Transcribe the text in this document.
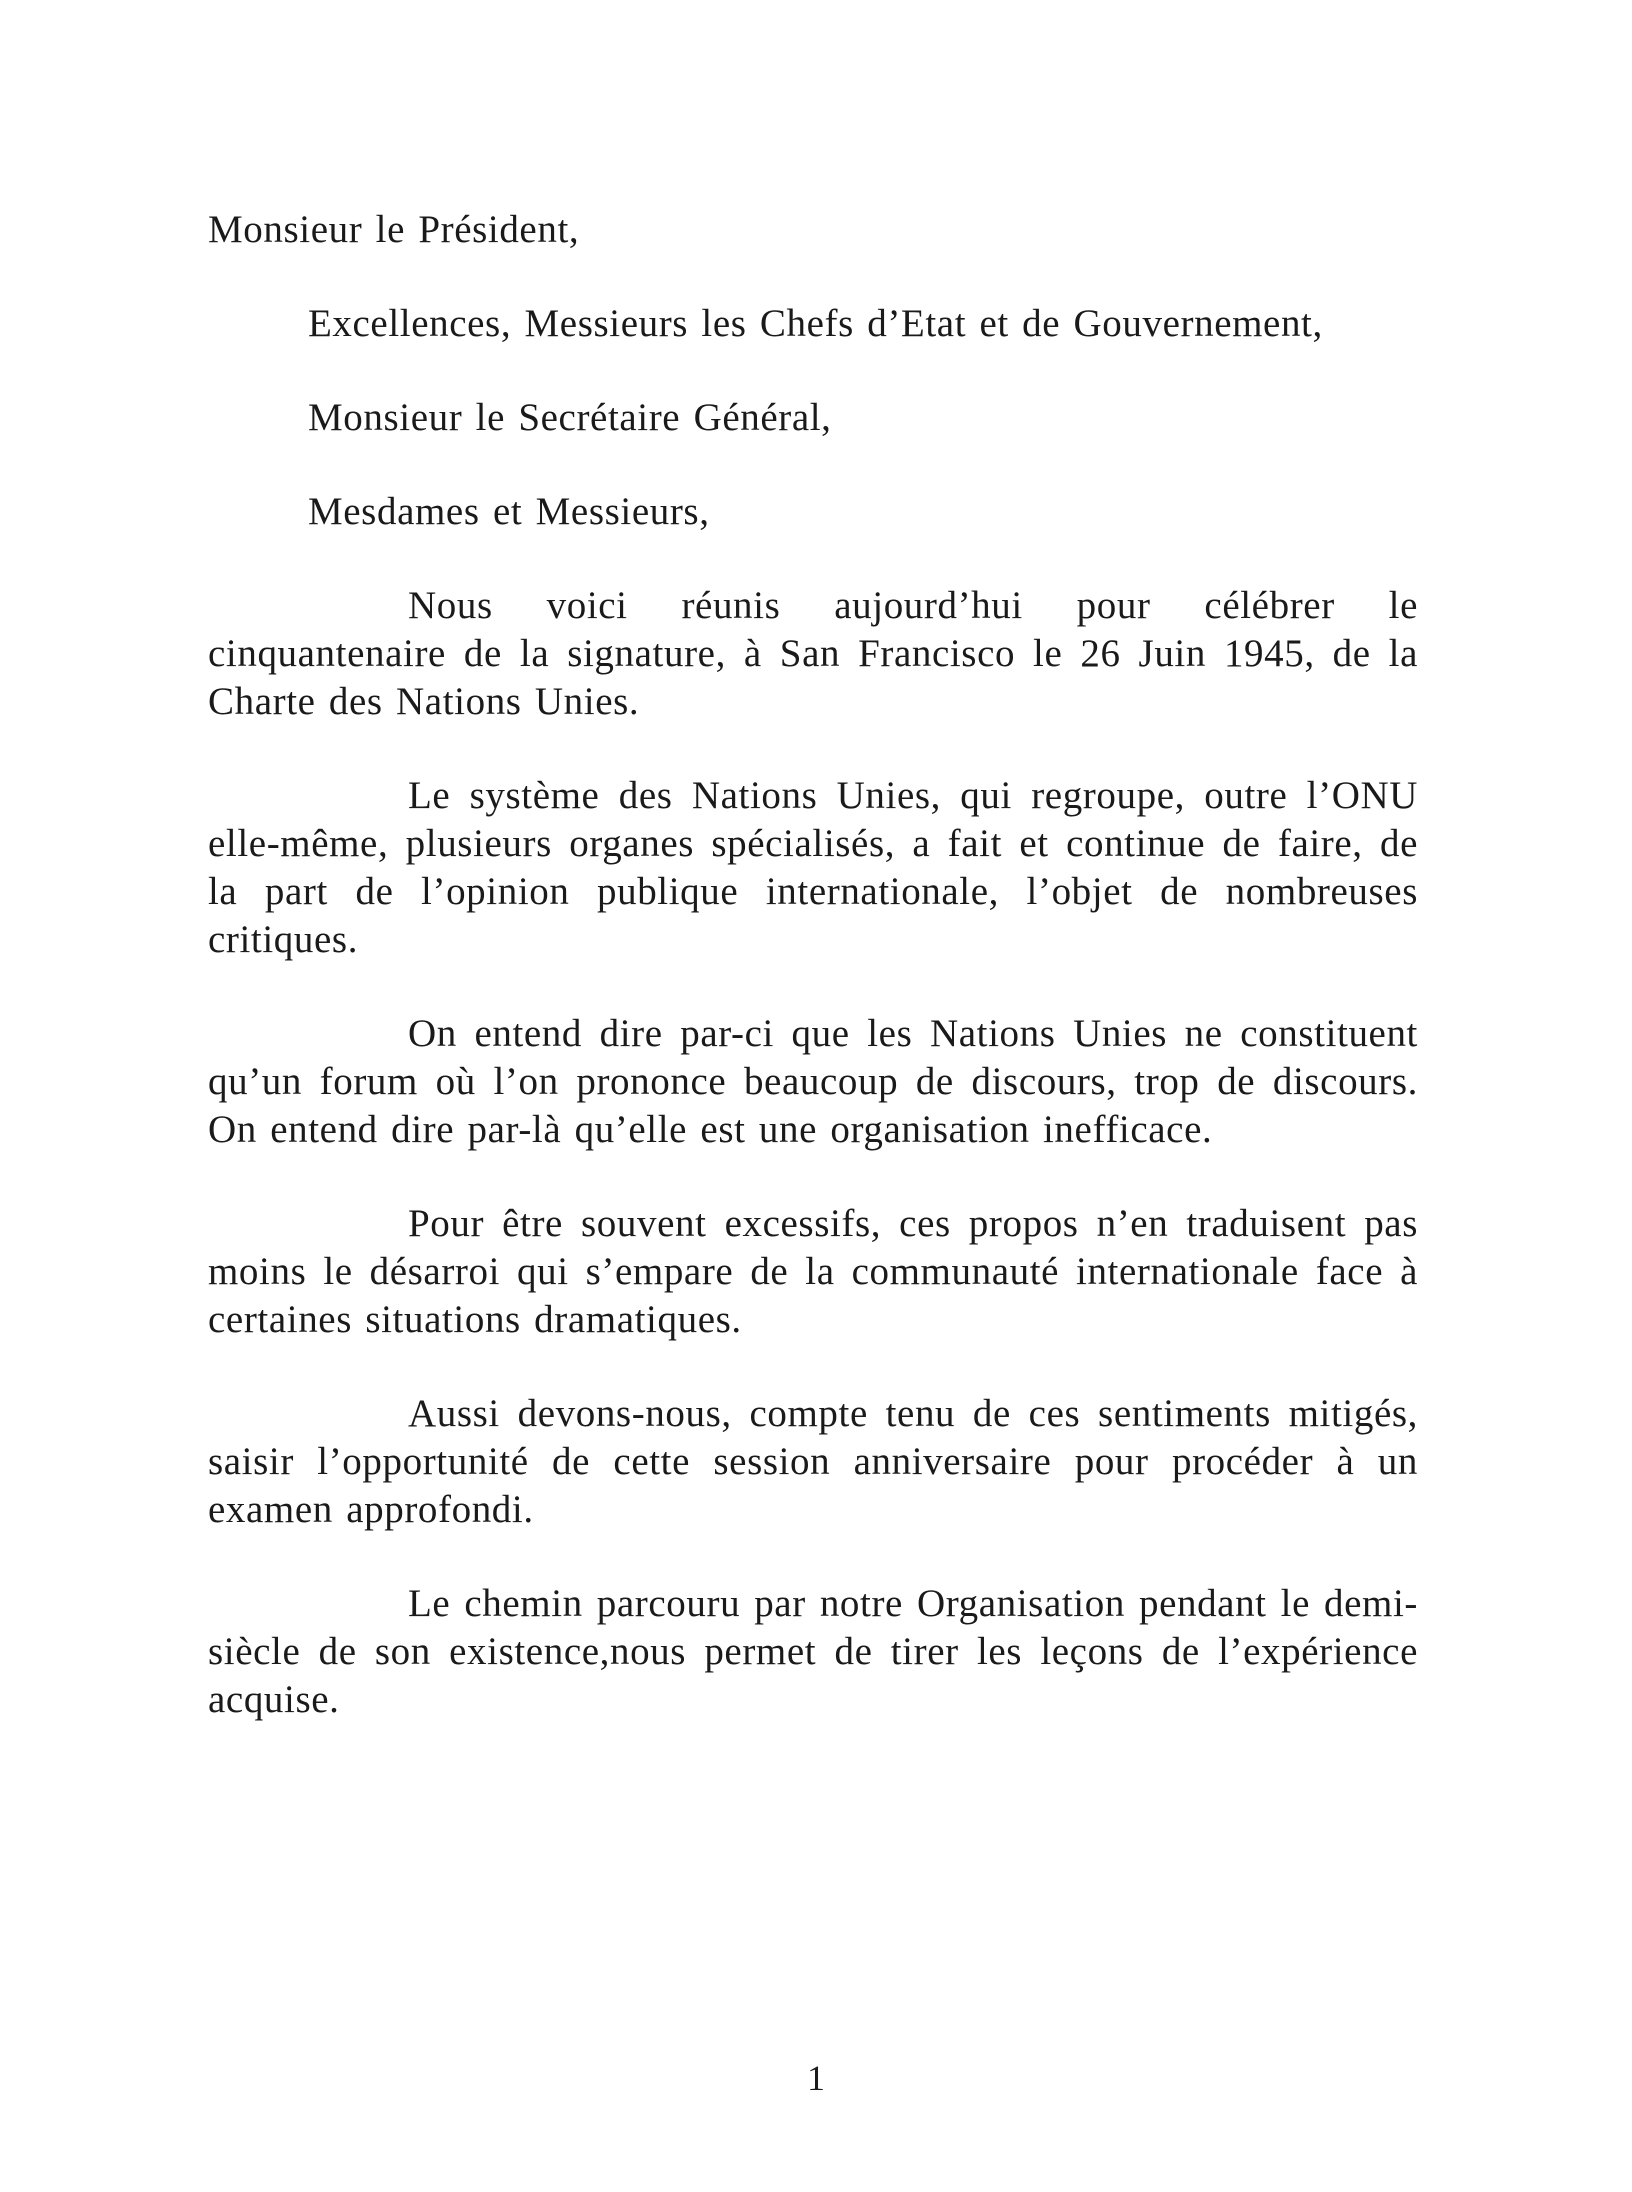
Monsieur le Président,

Excellences, Messieurs les Chefs d’Etat et de Gouvernement,

Monsieur le Secrétaire Général,

Mesdames et Messieurs,

Nous voici réunis aujourd’hui pour célébrer le cinquantenaire de la signature, à San Francisco le 26 Juin 1945, de la Charte des Nations Unies.

Le système des Nations Unies, qui regroupe, outre l’ONU elle-même, plusieurs organes spécialisés, a fait et continue de faire, de la part de l’opinion publique internationale, l’objet de nombreuses critiques.

On entend dire par-ci que les Nations Unies ne constituent qu’un forum où l’on prononce beaucoup de discours, trop de discours. On entend dire par-là qu’elle est une organisation inefficace.

Pour être souvent excessifs, ces propos n’en traduisent pas moins le désarroi qui s’empare de la communauté internationale face à certaines situations dramatiques.

Aussi devons-nous, compte tenu de ces sentiments mitigés, saisir l’opportunité de cette session anniversaire pour procéder à un examen approfondi.

Le chemin parcouru par notre Organisation pendant le demi-siècle de son existence,nous permet de tirer les leçons de l’expérience acquise.

1
